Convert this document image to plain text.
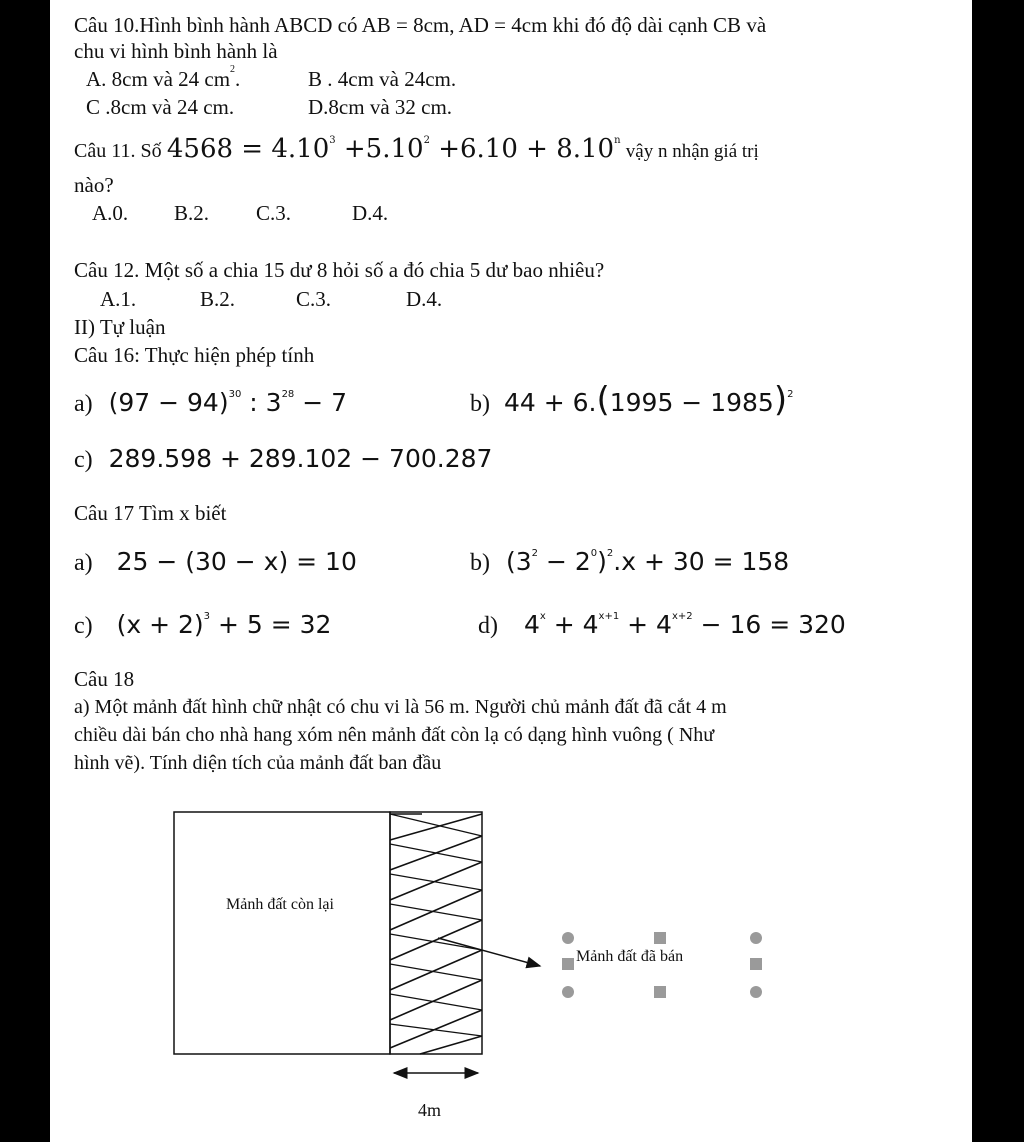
Câu 10.Hình bình hành ABCD có AB = 8cm, AD = 4cm khi đó độ dài cạnh CB và
chu vi hình bình hành là
A. 8cm và 24 $cm^2$.	B . 4cm và 24cm.
C .8cm và 24 cm.	D.8cm và 32 cm.
Câu 11. Số $4568 = 4.10^3 +5.10^2 +6.10 + 8.10^n$ vậy n nhận giá trị
nào?
A.0. B.2. C.3.	D.4.
Câu 12. Một số a chia 15 dư 8 hỏi số a đó chia 5 dư bao nhiêu?
A.1.	B.2.	C.3.	D.4.
II) Tự luận
Câu 16: Thực hiện phép tính
a) $(97 - 94)^{30}$ : $3^{28} - 7$	b) $44 + 6.(1995 - 1985)^2$
c) 289.598 + 289.102 − 700.287
Câu 17 Tìm x biết
a) 25 − (30 − x) = 10	b) $(3^2 - 2^0)^2.x + 30 = 158$
c) $(x + 2)^3 + 5 = 32$	d) $4^x + 4^{x+1} + 4^{x+2} - 16 = 320$
Câu 18
a) Một mảnh đất hình chữ nhật có chu vi là 56 m. Người chủ mảnh đất đã cắt 4 m
chiều dài bán cho nhà hang xóm nên mảnh đất còn lạ có dạng hình vuông ( Như
hình vẽ). Tính diện tích của mảnh đất ban đầu
Mảnh đất còn lại
Mảnh đất đã bán
4m
